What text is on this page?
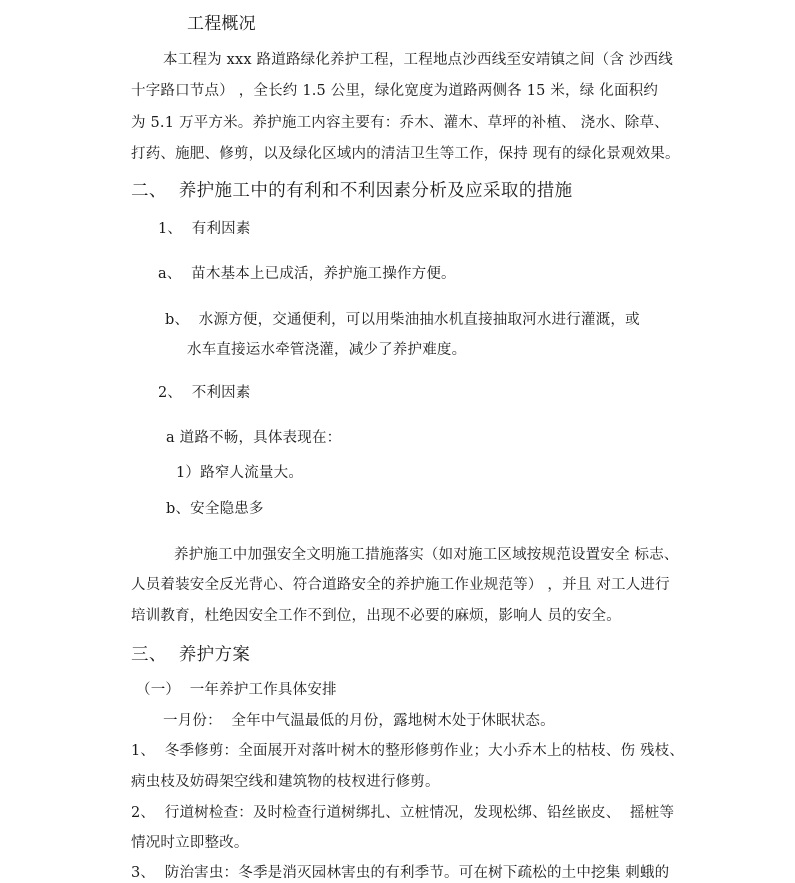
工程概况
本工程为 xxx 路道路绿化养护工程，工程地点沙西线至安靖镇之间（含 沙西线
十字路口节点） ，全长约 1.5 公里，绿化宽度为道路两侧各 15 米，绿 化面积约
为 5.1 万平方米。养护施工内容主要有：乔木、灌木、草坪的补植、 浇水、除草、
打药、施肥、修剪，以及绿化区域内的清洁卫生等工作，保持 现有的绿化景观效果。
二、  养护施工中的有利和不利因素分析及应采取的措施
1、  有利因素
a、  苗木基本上已成活，养护施工操作方便。
b、  水源方便，交通便利，可以用柴油抽水机直接抽取河水进行灌溉，或
水车直接运水牵管浇灌，减少了养护难度。
2、  不利因素
a 道路不畅，具体表现在：
1）路窄人流量大。
b、安全隐患多
养护施工中加强安全文明施工措施落实（如对施工区域按规范设置安全 标志、
人员着装安全反光背心、符合道路安全的养护施工作业规范等） ，并且 对工人进行
培训教育，杜绝因安全工作不到位，出现不必要的麻烦，影响人 员的安全。
三、  养护方案
（一）  一年养护工作具体安排
一月份：  全年中气温最低的月份，露地树木处于休眠状态。
1、  冬季修剪：全面展开对落叶树木的整形修剪作业；大小乔木上的枯枝、伤 残枝、
病虫枝及妨碍架空线和建筑物的枝杈进行修剪。
2、  行道树检查：及时检查行道树绑扎、立桩情况，发现松绑、铅丝嵌皮、  摇桩等
情况时立即整改。
3、  防治害虫：冬季是消灭园林害虫的有利季节。可在树下疏松的土中挖集 刺蛾的
